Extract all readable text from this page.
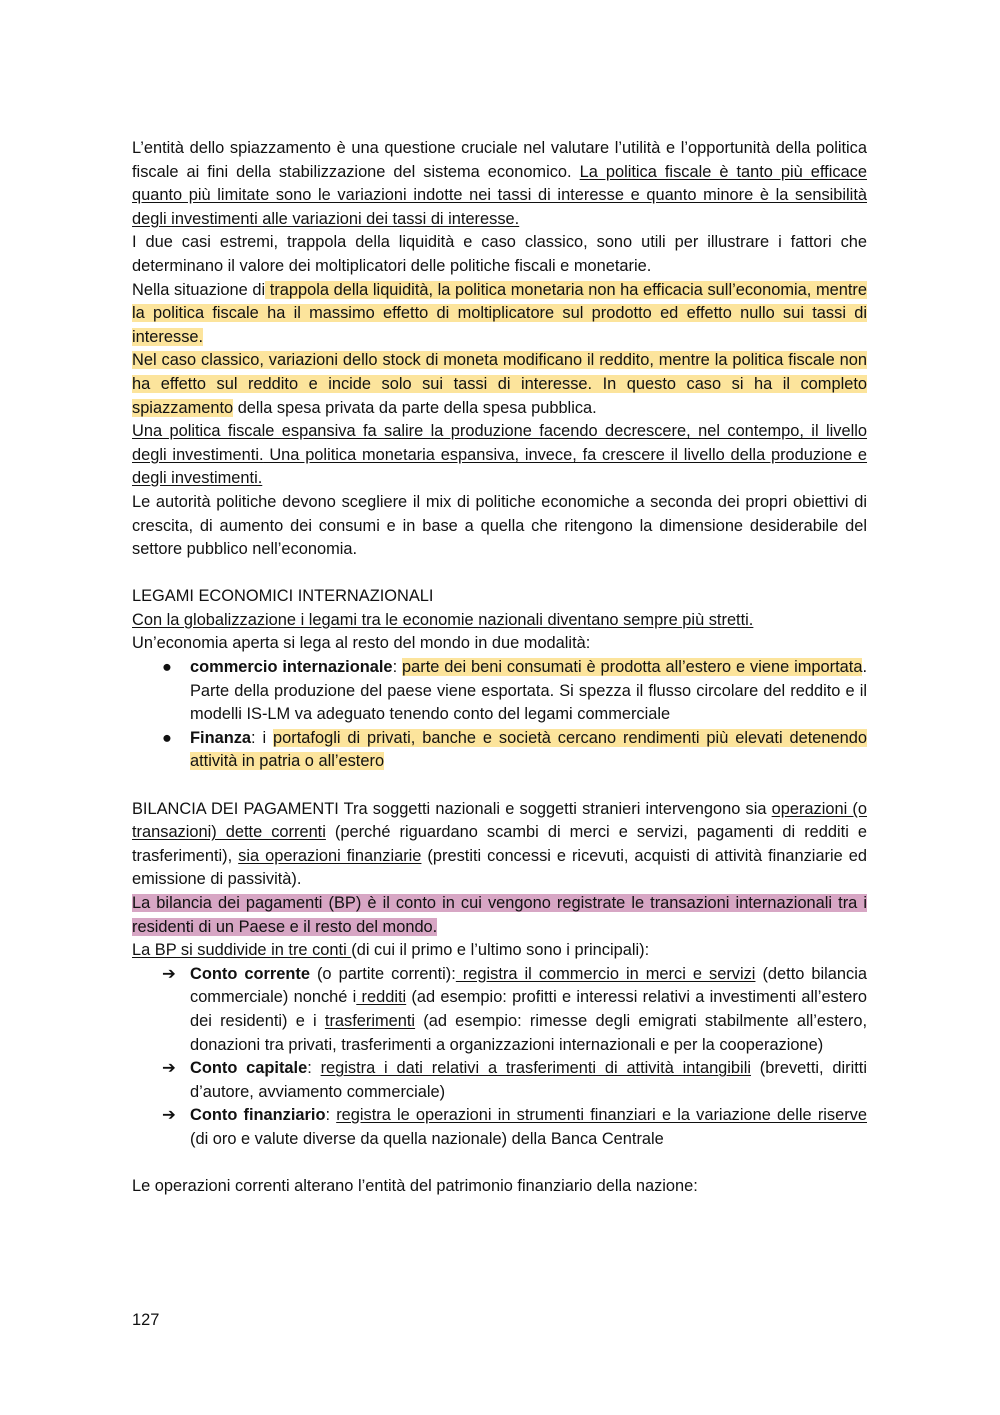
L’entità dello spiazzamento è una questione cruciale nel valutare l’utilità e l’opportunità della politica fiscale ai fini della stabilizzazione del sistema economico. La politica fiscale è tanto più efficace quanto più limitate sono le variazioni indotte nei tassi di interesse e quanto minore è la sensibilità degli investimenti alle variazioni dei tassi di interesse.

I due casi estremi, trappola della liquidità e caso classico, sono utili per illustrare i fattori che determinano il valore dei moltiplicatori delle politiche fiscali e monetarie.

Nella situazione di trappola della liquidità, la politica monetaria non ha efficacia sull’economia, mentre la politica fiscale ha il massimo effetto di moltiplicatore sul prodotto ed effetto nullo sui tassi di interesse.

Nel caso classico, variazioni dello stock di moneta modificano il reddito, mentre la politica fiscale non ha effetto sul reddito e incide solo sui tassi di interesse. In questo caso si ha il completo spiazzamento della spesa privata da parte della spesa pubblica.

Una politica fiscale espansiva fa salire la produzione facendo decrescere, nel contempo, il livello degli investimenti. Una politica monetaria espansiva, invece, fa crescere il livello della produzione e degli investimenti.

Le autorità politiche devono scegliere il mix di politiche economiche a seconda dei propri obiettivi di crescita, di aumento dei consumi e in base a quella che ritengono la dimensione desiderabile del settore pubblico nell’economia.

LEGAMI ECONOMICI INTERNAZIONALI

Con la globalizzazione i legami tra le economie nazionali diventano sempre più stretti.

Un’economia aperta si lega al resto del mondo in due modalità:

● commercio internazionale: parte dei beni consumati è prodotta all’estero e viene importata. Parte della produzione del paese viene esportata. Si spezza il flusso circolare del reddito e il modelli IS-LM va adeguato tenendo conto del legami commerciale
● Finanza: i portafogli di privati, banche e società cercano rendimenti più elevati detenendo attività in patria o all’estero

BILANCIA DEI PAGAMENTI Tra soggetti nazionali e soggetti stranieri intervengono sia operazioni (o transazioni) dette correnti (perché riguardano scambi di merci e servizi, pagamenti di redditi e trasferimenti), sia operazioni finanziarie (prestiti concessi e ricevuti, acquisti di attività finanziarie ed emissione di passività).

La bilancia dei pagamenti (BP) è il conto in cui vengono registrate le transazioni internazionali tra i residenti di un Paese e il resto del mondo.

La BP si suddivide in tre conti (di cui il primo e l’ultimo sono i principali):

➔ Conto corrente (o partite correnti): registra il commercio in merci e servizi (detto bilancia commerciale) nonché i redditi (ad esempio: profitti e interessi relativi a investimenti all’estero dei residenti) e i trasferimenti (ad esempio: rimesse degli emigrati stabilmente all’estero, donazioni tra privati, trasferimenti a organizzazioni internazionali e per la cooperazione)
➔ Conto capitale: registra i dati relativi a trasferimenti di attività intangibili (brevetti, diritti d’autore, avviamento commerciale)
➔ Conto finanziario: registra le operazioni in strumenti finanziari e la variazione delle riserve (di oro e valute diverse da quella nazionale) della Banca Centrale

Le operazioni correnti alterano l’entità del patrimonio finanziario della nazione:

127
